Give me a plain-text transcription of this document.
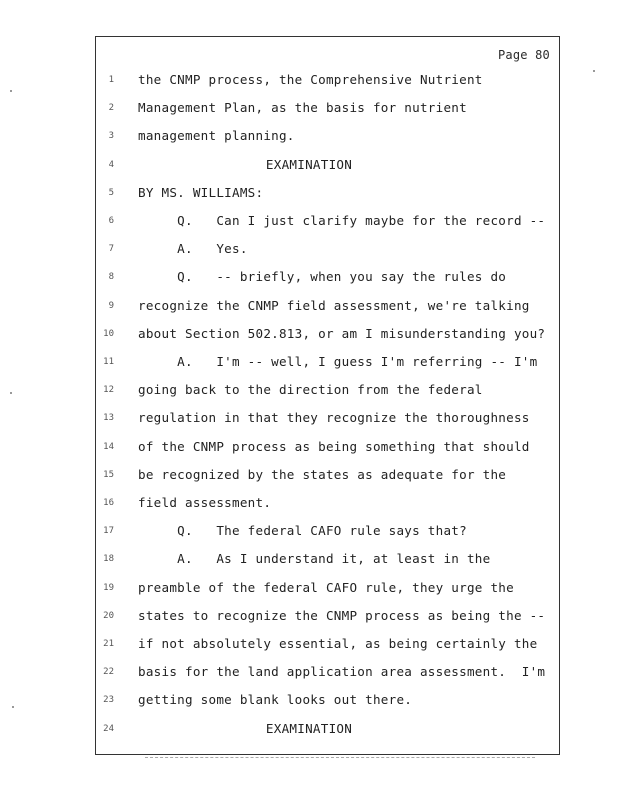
Page 80
1 the CNMP process, the Comprehensive Nutrient
2 Management Plan, as the basis for nutrient
3 management planning.
4	EXAMINATION
5 BY MS. WILLIAMS:
6 Q.   Can I just clarify maybe for the record --
7 A.   Yes.
8 Q.   -- briefly, when you say the rules do
9 recognize the CNMP field assessment, we're talking
10 about Section 502.813, or am I misunderstanding you?
11 A.   I'm -- well, I guess I'm referring -- I'm
12 going back to the direction from the federal
13 regulation in that they recognize the thoroughness
14 of the CNMP process as being something that should
15 be recognized by the states as adequate for the
16 field assessment.
17 Q.   The federal CAFO rule says that?
18 A.   As I understand it, at least in the
19 preamble of the federal CAFO rule, they urge the
20 states to recognize the CNMP process as being the --
21 if not absolutely essential, as being certainly the
22 basis for the land application area assessment.  I'm
23 getting some blank looks out there.
24	EXAMINATION
